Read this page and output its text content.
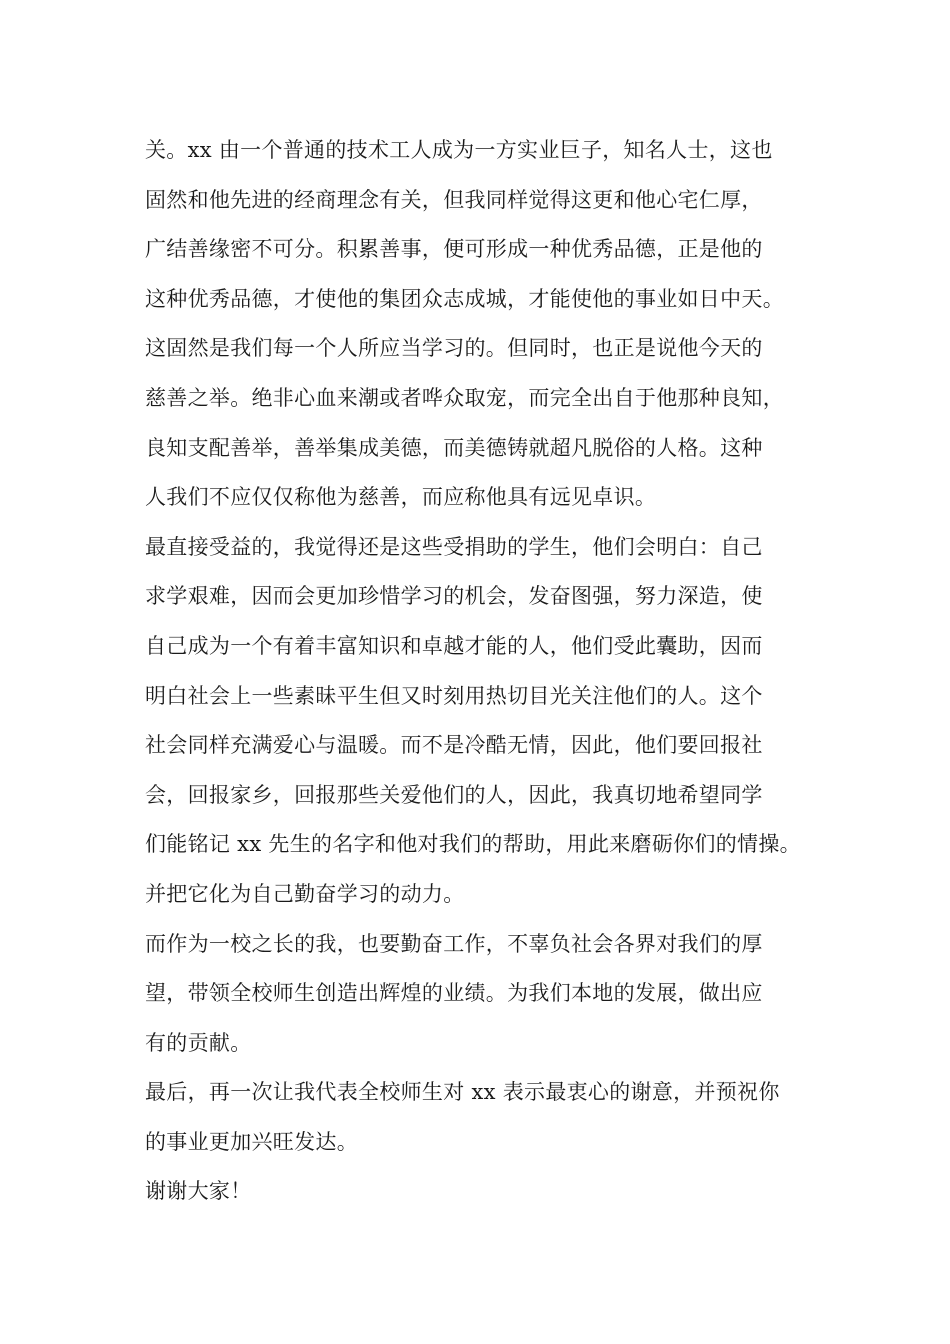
关。xx 由一个普通的技术工人成为一方实业巨子，知名人士，这也
固然和他先进的经商理念有关，但我同样觉得这更和他心宅仁厚，
广结善缘密不可分。积累善事，便可形成一种优秀品德，正是他的
这种优秀品德，才使他的集团众志成城，才能使他的事业如日中天。
这固然是我们每一个人所应当学习的。但同时，也正是说他今天的
慈善之举。绝非心血来潮或者哗众取宠，而完全出自于他那种良知，
良知支配善举，善举集成美德，而美德铸就超凡脱俗的人格。这种
人我们不应仅仅称他为慈善，而应称他具有远见卓识。
最直接受益的，我觉得还是这些受捐助的学生，他们会明白：自己
求学艰难，因而会更加珍惜学习的机会，发奋图强，努力深造，使
自己成为一个有着丰富知识和卓越才能的人，他们受此囊助，因而
明白社会上一些素昧平生但又时刻用热切目光关注他们的人。这个
社会同样充满爱心与温暖。而不是冷酷无情，因此，他们要回报社
会，回报家乡，回报那些关爱他们的人，因此，我真切地希望同学
们能铭记 xx 先生的名字和他对我们的帮助，用此来磨砺你们的情操。
并把它化为自己勤奋学习的动力。
而作为一校之长的我，也要勤奋工作，不辜负社会各界对我们的厚
望，带领全校师生创造出辉煌的业绩。为我们本地的发展，做出应
有的贡献。
最后，再一次让我代表全校师生对 xx 表示最衷心的谢意，并预祝你
的事业更加兴旺发达。
谢谢大家！
